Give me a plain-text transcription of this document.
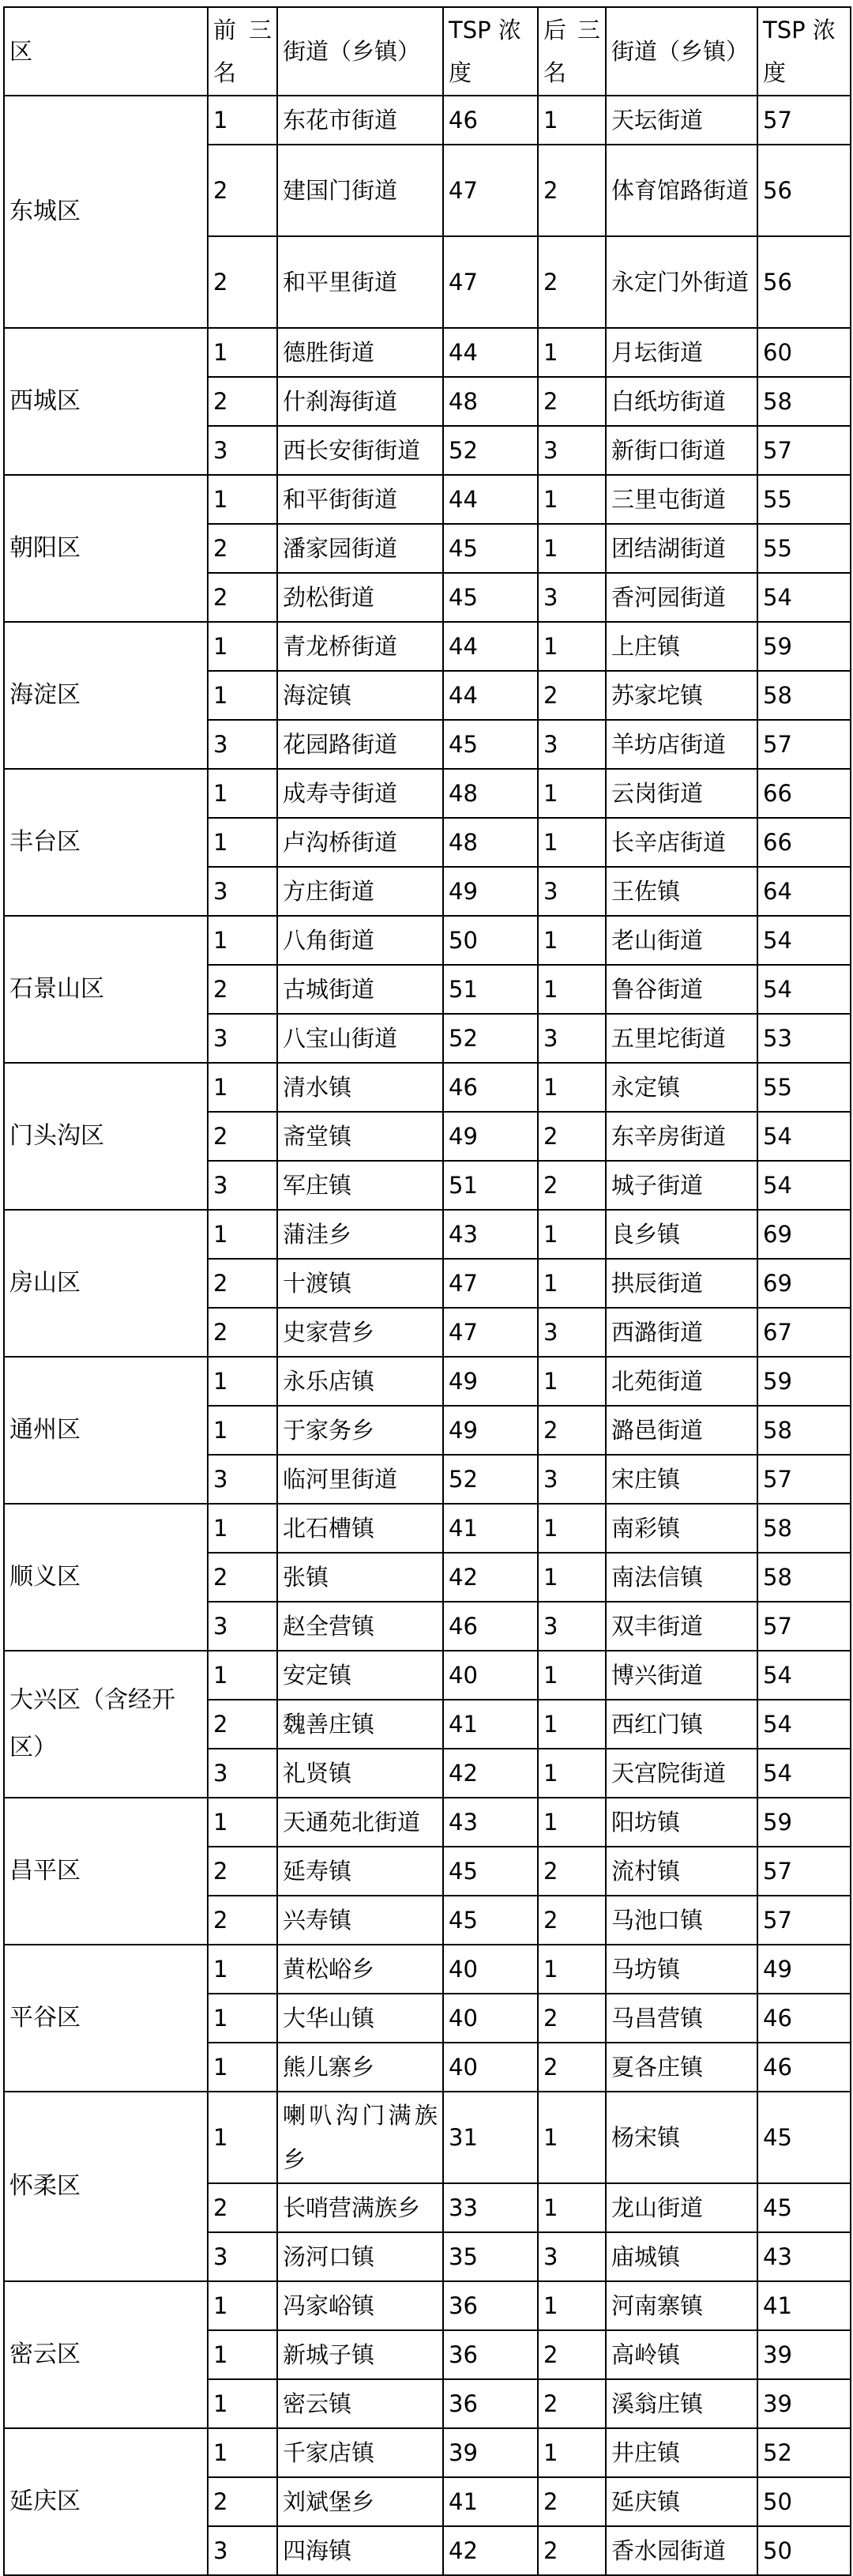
区	前三名	街道（乡镇）	TSP 浓度	后三名	街道（乡镇）	TSP 浓度
东城区	1	东花市街道	46	1	天坛街道	57
	2	建国门街道	47	2	体育馆路街道	56
	2	和平里街道	47	2	永定门外街道	56
西城区	1	德胜街道	44	1	月坛街道	60
	2	什刹海街道	48	2	白纸坊街道	58
	3	西长安街街道	52	3	新街口街道	57
朝阳区	1	和平街街道	44	1	三里屯街道	55
	2	潘家园街道	45	1	团结湖街道	55
	2	劲松街道	45	3	香河园街道	54
海淀区	1	青龙桥街道	44	1	上庄镇	59
	1	海淀镇	44	2	苏家坨镇	58
	3	花园路街道	45	3	羊坊店街道	57
丰台区	1	成寿寺街道	48	1	云岗街道	66
	1	卢沟桥街道	48	1	长辛店街道	66
	3	方庄街道	49	3	王佐镇	64
石景山区	1	八角街道	50	1	老山街道	54
	2	古城街道	51	1	鲁谷街道	54
	3	八宝山街道	52	3	五里坨街道	53
门头沟区	1	清水镇	46	1	永定镇	55
	2	斋堂镇	49	2	东辛房街道	54
	3	军庄镇	51	2	城子街道	54
房山区	1	蒲洼乡	43	1	良乡镇	69
	2	十渡镇	47	1	拱辰街道	69
	2	史家营乡	47	3	西潞街道	67
通州区	1	永乐店镇	49	1	北苑街道	59
	1	于家务乡	49	2	潞邑街道	58
	3	临河里街道	52	3	宋庄镇	57
顺义区	1	北石槽镇	41	1	南彩镇	58
	2	张镇	42	1	南法信镇	58
	3	赵全营镇	46	3	双丰街道	57
大兴区（含经开区）	1	安定镇	40	1	博兴街道	54
	2	魏善庄镇	41	1	西红门镇	54
	3	礼贤镇	42	1	天宫院街道	54
昌平区	1	天通苑北街道	43	1	阳坊镇	59
	2	延寿镇	45	2	流村镇	57
	2	兴寿镇	45	2	马池口镇	57
平谷区	1	黄松峪乡	40	1	马坊镇	49
	1	大华山镇	40	2	马昌营镇	46
	1	熊儿寨乡	40	2	夏各庄镇	46
怀柔区	1	喇叭沟门满族乡	31	1	杨宋镇	45
	2	长哨营满族乡	33	1	龙山街道	45
	3	汤河口镇	35	3	庙城镇	43
密云区	1	冯家峪镇	36	1	河南寨镇	41
	1	新城子镇	36	2	高岭镇	39
	1	密云镇	36	2	溪翁庄镇	39
延庆区	1	千家店镇	39	1	井庄镇	52
	2	刘斌堡乡	41	2	延庆镇	50
	3	四海镇	42	2	香水园街道	50
